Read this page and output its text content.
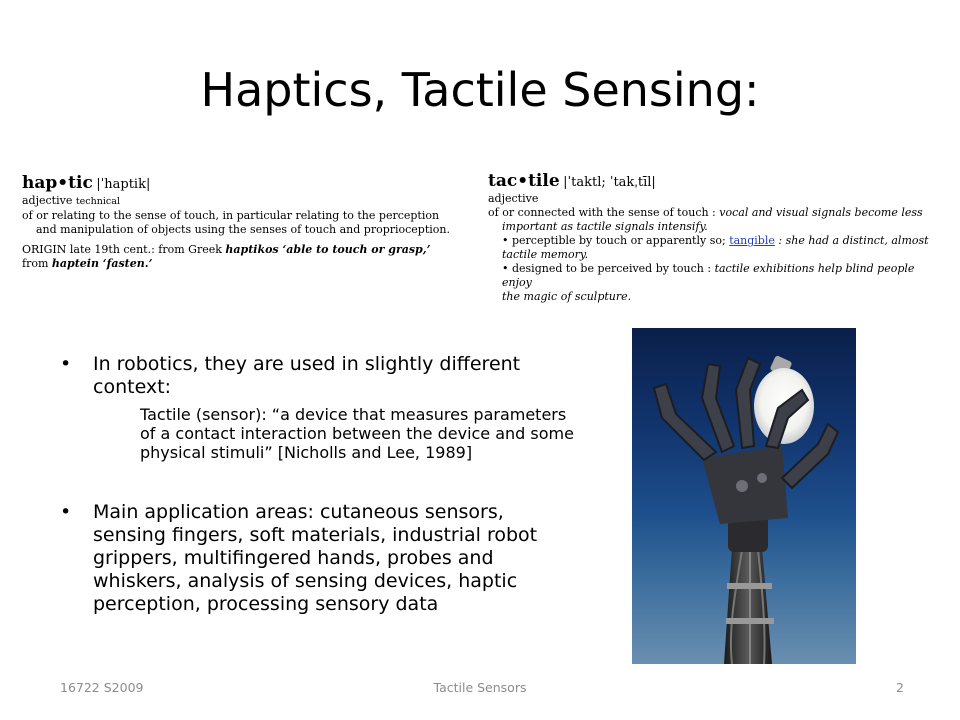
Haptics, Tactile Sensing:
hap•tic |ˈhaptik|
adjective technical
of or relating to the sense of touch, in particular relating to the perception
and manipulation of objects using the senses of touch and proprioception.
ORIGIN late 19th cent.: from Greek haptikos ‘able to touch or grasp,’
from haptein ‘fasten.’
tac•tile |ˈtaktl; ˈtakˌtīl|
adjective
of or connected with the sense of touch : vocal and visual signals become less
important as tactile signals intensify.
• perceptible by touch or apparently so; tangible : she had a distinct, almost
tactile memory.
• designed to be perceived by touch : tactile exhibitions help blind people enjoy
the magic of sculpture.
• In robotics, they are used in slightly different context:
Tactile (sensor): “a device that measures parameters of a contact interaction between the device and some physical stimuli” [Nicholls and Lee, 1989]
• Main application areas: cutaneous sensors, sensing fingers, soft materials, industrial robot grippers, multifingered hands, probes and whiskers, analysis of sensing devices, haptic perception, processing sensory data
16722 S2009	Tactile Sensors	2
